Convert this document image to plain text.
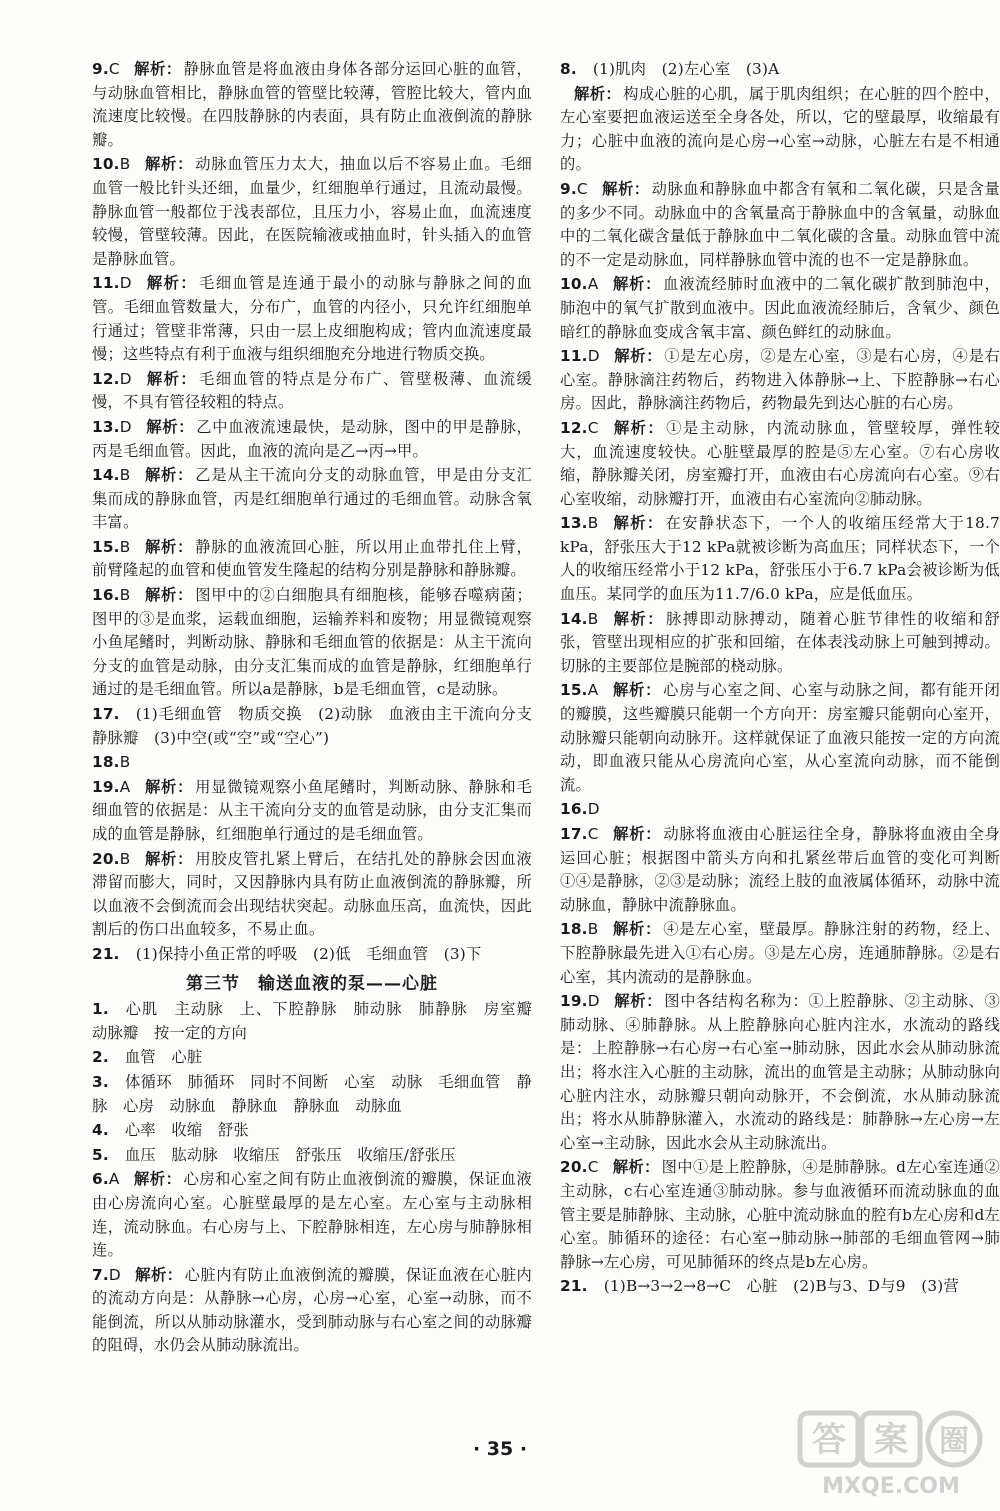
9.C 解析： 静脉血管是将血液由身体各部分运回心脏的血管，与动脉血管相比，静脉血管的管壁比较薄，管腔比较大，管内血流速度比较慢。在四肢静脉的内表面，具有防止血液倒流的静脉瓣。
10.B 解析： 动脉血管压力太大，抽血以后不容易止血。毛细血管一般比针头还细，血量少，红细胞单行通过，且流动最慢。静脉血管一般都位于浅表部位，且压力小，容易止血，血流速度较慢，管壁较薄。因此，在医院输液或抽血时，针头插入的血管是静脉血管。
11.D 解析： 毛细血管是连通于最小的动脉与静脉之间的血管。毛细血管数量大，分布广，血管的内径小，只允许红细胞单行通过；管壁非常薄，只由一层上皮细胞构成；管内血流速度最慢；这些特点有利于血液与组织细胞充分地进行物质交换。
12.D 解析： 毛细血管的特点是分布广、管壁极薄、血流缓慢，不具有管径较粗的特点。
13.D 解析： 乙中血液流速最快，是动脉，图中的甲是静脉，丙是毛细血管。因此，血液的流向是乙→丙→甲。
14.B 解析： 乙是从主干流向分支的动脉血管，甲是由分支汇集而成的静脉血管，丙是红细胞单行通过的毛细血管。动脉含氧丰富。
15.B 解析： 静脉的血液流回心脏，所以用止血带扎住上臂，前臂隆起的血管和使血管发生隆起的结构分别是静脉和静脉瓣。
16.B 解析： 图甲中的②白细胞具有细胞核，能够吞噬病菌；图甲的③是血浆，运载血细胞，运输养料和废物；用显微镜观察小鱼尾鳍时，判断动脉、静脉和毛细血管的依据是：从主干流向分支的血管是动脉，由分支汇集而成的血管是静脉，红细胞单行通过的是毛细血管。所以a是静脉，b是毛细血管，c是动脉。
17. (1)毛细血管　物质交换　(2)动脉　血液由主干流向分支　静脉瓣　(3)中空(或“空”或“空心”)
18.B
19.A 解析： 用显微镜观察小鱼尾鳍时，判断动脉、静脉和毛细血管的依据是：从主干流向分支的血管是动脉，由分支汇集而成的血管是静脉，红细胞单行通过的是毛细血管。
20.B 解析： 用胶皮管扎紧上臂后，在结扎处的静脉会因血液滞留而膨大，同时，又因静脉内具有防止血液倒流的静脉瓣，所以血液不会倒流而会出现结状突起。动脉血压高，血流快，因此割后的伤口出血较多，不易止血。
21. (1)保持小鱼正常的呼吸　(2)低　毛细血管　(3)下
第三节　输送血液的泵——心脏
1. 心肌　主动脉　上、下腔静脉　肺动脉　肺静脉　房室瓣　动脉瓣　按一定的方向
2. 血管　心脏
3. 体循环　肺循环　同时不间断　心室　动脉　毛细血管　静脉　心房　动脉血　静脉血　静脉血　动脉血
4. 心率　收缩　舒张
5. 血压　肱动脉　收缩压　舒张压　收缩压/舒张压
6.A 解析： 心房和心室之间有防止血液倒流的瓣膜，保证血液由心房流向心室。心脏壁最厚的是左心室。左心室与主动脉相连，流动脉血。右心房与上、下腔静脉相连，左心房与肺静脉相连。
7.D 解析： 心脏内有防止血液倒流的瓣膜，保证血液在心脏内的流动方向是：从静脉→心房，心房→心室，心室→动脉，而不能倒流，所以从肺动脉灌水，受到肺动脉与右心室之间的动脉瓣的阻碍，水仍会从肺动脉流出。
8. (1)肌肉　(2)左心室　(3)A
解析： 构成心脏的心肌，属于肌肉组织；在心脏的四个腔中，左心室要把血液运送至全身各处，所以，它的壁最厚，收缩最有力；心脏中血液的流向是心房→心室→动脉，心脏左右是不相通的。
9.C 解析： 动脉血和静脉血中都含有氧和二氧化碳，只是含量的多少不同。动脉血中的含氧量高于静脉血中的含氧量，动脉血中的二氧化碳含量低于静脉血中二氧化碳的含量。动脉血管中流的不一定是动脉血，同样静脉血管中流的也不一定是静脉血。
10.A 解析： 血液流经肺时血液中的二氧化碳扩散到肺泡中，肺泡中的氧气扩散到血液中。因此血液流经肺后，含氧少、颜色暗红的静脉血变成含氧丰富、颜色鲜红的动脉血。
11.D 解析： ①是左心房，②是左心室，③是右心房，④是右心室。静脉滴注药物后，药物进入体静脉→上、下腔静脉→右心房。因此，静脉滴注药物后，药物最先到达心脏的右心房。
12.C 解析： ①是主动脉，内流动脉血，管壁较厚，弹性较大，血流速度较快。心脏壁最厚的腔是⑤左心室。⑦右心房收缩，静脉瓣关闭，房室瓣打开，血液由右心房流向右心室。⑨右心室收缩，动脉瓣打开，血液由右心室流向②肺动脉。
13.B 解析： 在安静状态下，一个人的收缩压经常大于18.7 kPa，舒张压大于12 kPa就被诊断为高血压；同样状态下，一个人的收缩压经常小于12 kPa，舒张压小于6.7 kPa会被诊断为低血压。某同学的血压为11.7/6.0 kPa，应是低血压。
14.B 解析： 脉搏即动脉搏动，随着心脏节律性的收缩和舒张，管壁出现相应的扩张和回缩，在体表浅动脉上可触到搏动。切脉的主要部位是腕部的桡动脉。
15.A 解析： 心房与心室之间、心室与动脉之间，都有能开闭的瓣膜，这些瓣膜只能朝一个方向开：房室瓣只能朝向心室开，动脉瓣只能朝向动脉开。这样就保证了血液只能按一定的方向流动，即血液只能从心房流向心室，从心室流向动脉，而不能倒流。
16.D
17.C 解析： 动脉将血液由心脏运往全身，静脉将血液由全身运回心脏；根据图中箭头方向和扎紧丝带后血管的变化可判断①④是静脉，②③是动脉；流经上肢的血液属体循环，动脉中流动脉血，静脉中流静脉血。
18.B 解析： ④是左心室，壁最厚。静脉注射的药物，经上、下腔静脉最先进入①右心房。③是左心房，连通肺静脉。②是右心室，其内流动的是静脉血。
19.D 解析： 图中各结构名称为：①上腔静脉、②主动脉、③肺动脉、④肺静脉。从上腔静脉向心脏内注水，水流动的路线是：上腔静脉→右心房→右心室→肺动脉，因此水会从肺动脉流出；将水注入心脏的主动脉，流出的血管是主动脉；从肺动脉向心脏内注水，动脉瓣只朝向动脉开，不会倒流，水从肺动脉流出；将水从肺静脉灌入，水流动的路线是：肺静脉→左心房→左心室→主动脉，因此水会从主动脉流出。
20.C 解析： 图中①是上腔静脉，④是肺静脉。d左心室连通②主动脉，c右心室连通③肺动脉。参与血液循环而流动脉血的血管主要是肺静脉、主动脉，心脏中流动脉血的腔有b左心房和d左心室。肺循环的途径：右心室→肺动脉→肺部的毛细血管网→肺静脉→左心房，可见肺循环的终点是b左心房。
21. (1)B→3→2→8→C　心脏　(2)B与3、D与9　(3)营
· 35 ·	答 案 圈
MXQE.COM
